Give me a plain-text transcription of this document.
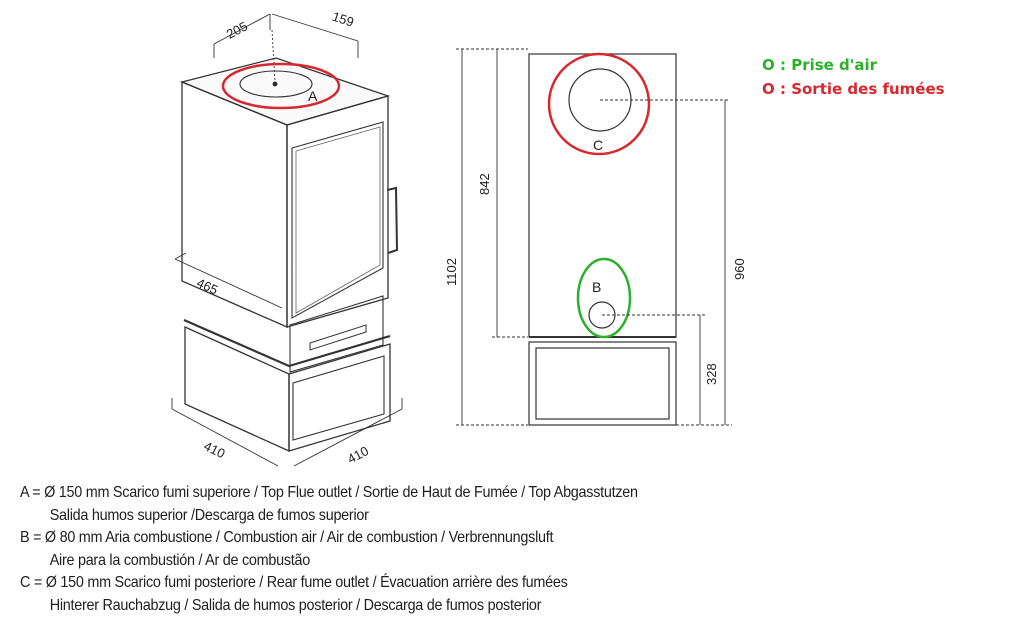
205	159
465
410	410
A
1102
842
960
328
C
B
O : Prise d'air
O : Sortie des fumées
A = Ø 150 mm Scarico fumi superiore / Top Flue outlet / Sortie de Haut de Fumée / Top Abgasstutzen
Salida humos superior /Descarga de fumos superior
B = Ø 80 mm Aria combustione / Combustion air / Air de combustion / Verbrennungsluft
Aire para la combustión / Ar de combustão
C = Ø 150 mm Scarico fumi posteriore / Rear fume outlet / Évacuation arrière des fumées
Hinterer Rauchabzug / Salida de humos posterior / Descarga de fumos posterior
